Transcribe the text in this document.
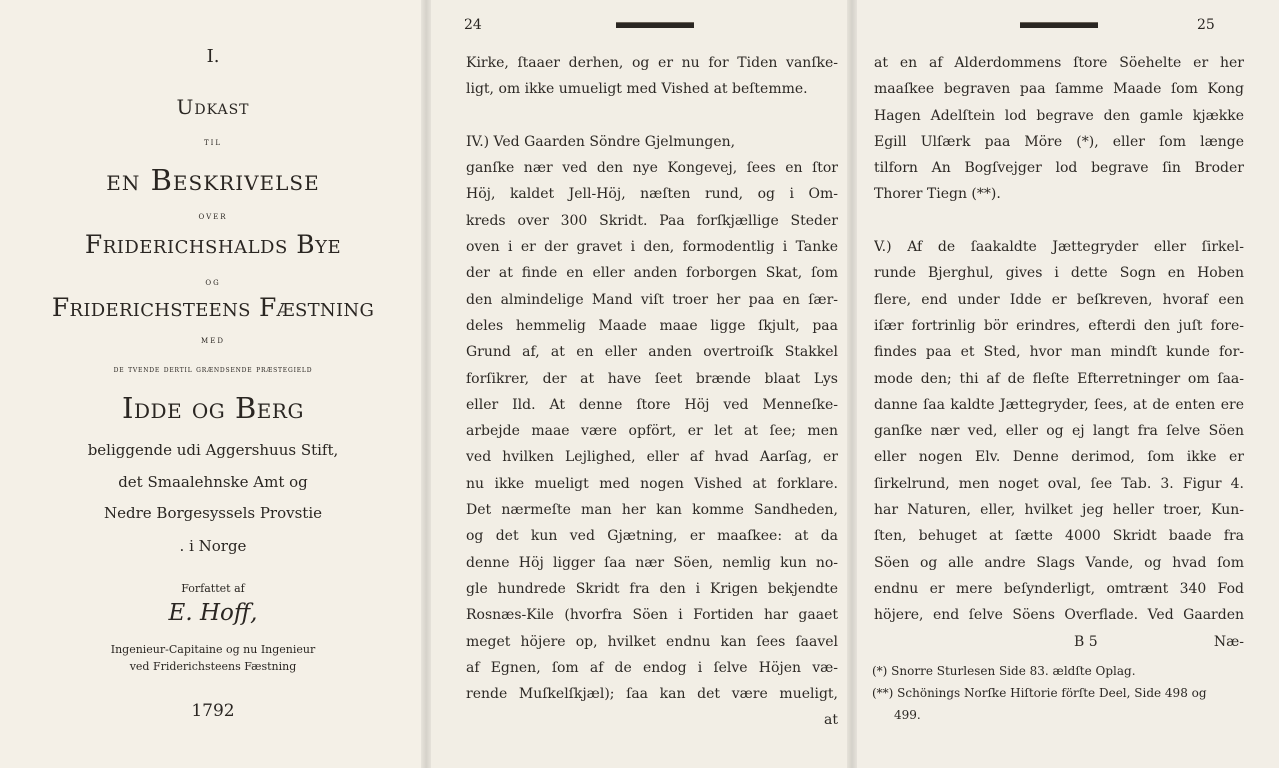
I.
Udkast
til
en Beskrivelse
over
Friderichshalds Bye
og
Friderichsteens Fæstning
med
de tvende dertil grændsende præstegield
Idde og Berg
beliggende udi Aggershuus Stift,
det Smaalehnske Amt og
Nedre Borgesyssels Provstie
. i Norge
Forfattet af
E. Hoff,
Ingenieur-Capitaine og nu Ingenieur
ved Friderichsteens Fæstning
1792
24
Kirke, ſtaaer derhen, og er nu for Tiden vanſke-
ligt, om ikke umueligt med Vished at beſtemme.
IV.) Ved Gaarden Söndre Gjelmungen,
ganſke nær ved den nye Kongevej, ſees en ſtor
Höj, kaldet Jell-Höj, næſten rund, og i Om-
kreds over 300 Skridt. Paa forſkjællige Steder
oven i er der gravet i den, formodentlig i Tanke
der at finde en eller anden forborgen Skat, ſom
den almindelige Mand viſt troer her paa en ſær-
deles hemmelig Maade maae ligge ſkjult, paa
Grund af, at en eller anden overtroiſk Stakkel
forſikrer, der at have ſeet brænde blaat Lys
eller Ild. At denne ſtore Höj ved Menneſke-
arbejde maae være opfört, er let at ſee; men
ved hvilken Lejlighed, eller af hvad Aarſag, er
nu ikke mueligt med nogen Vished at forklare.
Det nærmeſte man her kan komme Sandheden,
og det kun ved Gjætning, er maaſkee: at da
denne Höj ligger ſaa nær Söen, nemlig kun no-
gle hundrede Skridt fra den i Krigen bekjendte
Rosnæs-Kile (hvorfra Söen i Fortiden har gaaet
meget höjere op, hvilket endnu kan ſees ſaavel
af Egnen, ſom af de endog i ſelve Höjen væ-
rende Muſkelſkjæl); ſaa kan det være mueligt,
at
25
at en af Alderdommens ſtore Söehelte er her
maaſkee begraven paa ſamme Maade ſom Kong
Hagen Adelſtein lod begrave den gamle kjække
Egill Ulſærk paa Möre (*), eller ſom længe
tilforn An Bogſvejger lod begrave ſin Broder
Thorer Tiegn (**).
V.) Af de ſaakaldte Jættegryder eller ſirkel-
runde Bjerghul, gives i dette Sogn en Hoben
flere, end under Idde er beſkreven, hvoraf een
iſær fortrinlig bör erindres, efterdi den juſt fore-
findes paa et Sted, hvor man mindſt kunde for-
mode den; thi af de fleſte Efterretninger om ſaa-
danne ſaa kaldte Jættegryder, ſees, at de enten ere
ganſke nær ved, eller og ej langt fra ſelve Söen
eller nogen Elv. Denne derimod, ſom ikke er
ſirkelrund, men noget oval, ſee Tab. 3. Figur 4.
har Naturen, eller, hvilket jeg heller troer, Kun-
ſten, behuget at ſætte 4000 Skridt baade fra
Söen og alle andre Slags Vande, og hvad ſom
endnu er mere beſynderligt, omtrænt 340 Fod
höjere, end ſelve Söens Overflade. Ved Gaarden
B 5	Næ-
(*) Snorre Sturlesen Side 83. ældſte Oplag.
(**) Schönings Norſke Hiſtorie förſte Deel, Side 498 og
499.
